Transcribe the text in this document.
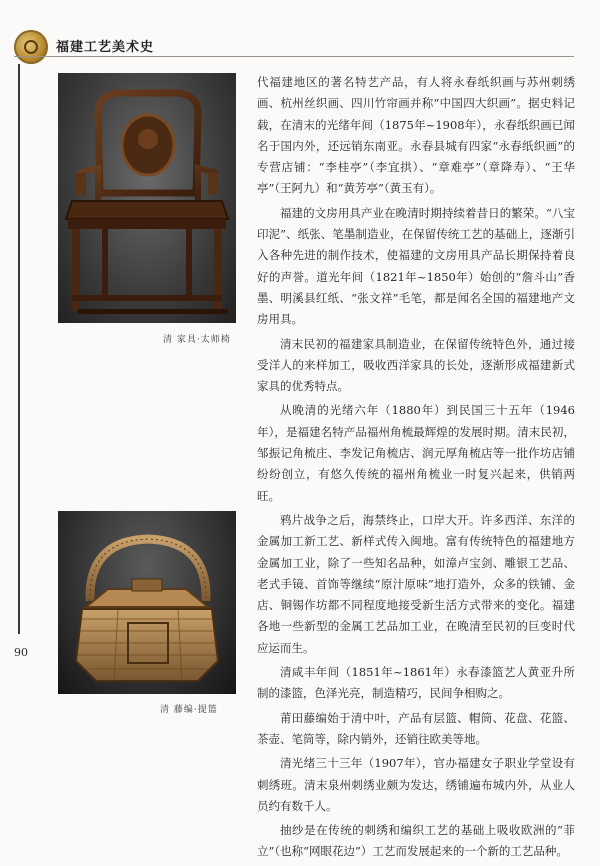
福建工艺美术史
90
清 家具·太师椅
清 藤编·提篮

代福建地区的著名特艺产品，有人将永春纸织画与苏州刺绣画、杭州丝织画、四川竹帘画并称“中国四大织画”。据史料记载，在清末的光绪年间（1875年~1908年），永春纸织画已闻名于国内外，还远销东南亚。永春县城有四家“永春纸织画”的专营店铺：“李桂亭”（李宜拱）、“章难亭”（章降寿）、“王华亭”（王阿九）和“黄芳亭”（黄玉有）。

福建的文房用具产业在晚清时期持续着昔日的繁荣。“八宝印泥”、纸张、笔墨制造业，在保留传统工艺的基础上，逐渐引入各种先进的制作技术，使福建的文房用具产品长期保持着良好的声誉。道光年间（1821年~1850年）始创的“詹斗山”香墨、明溪县红纸、“张文祥”毛笔，都是闻名全国的福建地产文房用具。

清末民初的福建家具制造业，在保留传统特色外，通过接受洋人的来样加工，吸收西洋家具的长处，逐渐形成福建新式家具的优秀特点。

从晚清的光绪六年（1880年）到民国三十五年（1946年），是福建名特产品福州角梳最辉煌的发展时期。清末民初，邹振记角梳庄、李发记角梳店、润元厚角梳店等一批作坊店铺纷纷创立，有悠久传统的福州角梳业一时复兴起来，供销两旺。

鸦片战争之后，海禁终止，口岸大开。许多西洋、东洋的金属加工新工艺、新样式传入闽地。富有传统特色的福建地方金属加工业，除了一些知名品种，如漳卢宝剑、雕银工艺品、老式手镜、首饰等继续“原汁原味”地打造外，众多的铁铺、金店、铜锡作坊都不同程度地接受新生活方式带来的变化。福建各地一些新型的金属工艺品加工业，在晚清至民初的巨变时代应运而生。

清咸丰年间（1851年~1861年）永春漆篮艺人黄亚升所制的漆篮，色泽光亮，制造精巧，民间争相购之。

莆田藤编始于清中叶，产品有层篮、帽筒、花盘、花篮、茶壶、笔筒等，除内销外，还销往欧美等地。

清光绪三十三年（1907年），官办福建女子职业学堂设有刺绣班。清末泉州刺绣业颇为发达，绣铺遍布城内外，从业人员约有数千人。

抽纱是在传统的刺绣和编织工艺的基础上吸收欧洲的“菲立”（也称“网眼花边”）工艺而发展起来的一个新的工艺品种。
